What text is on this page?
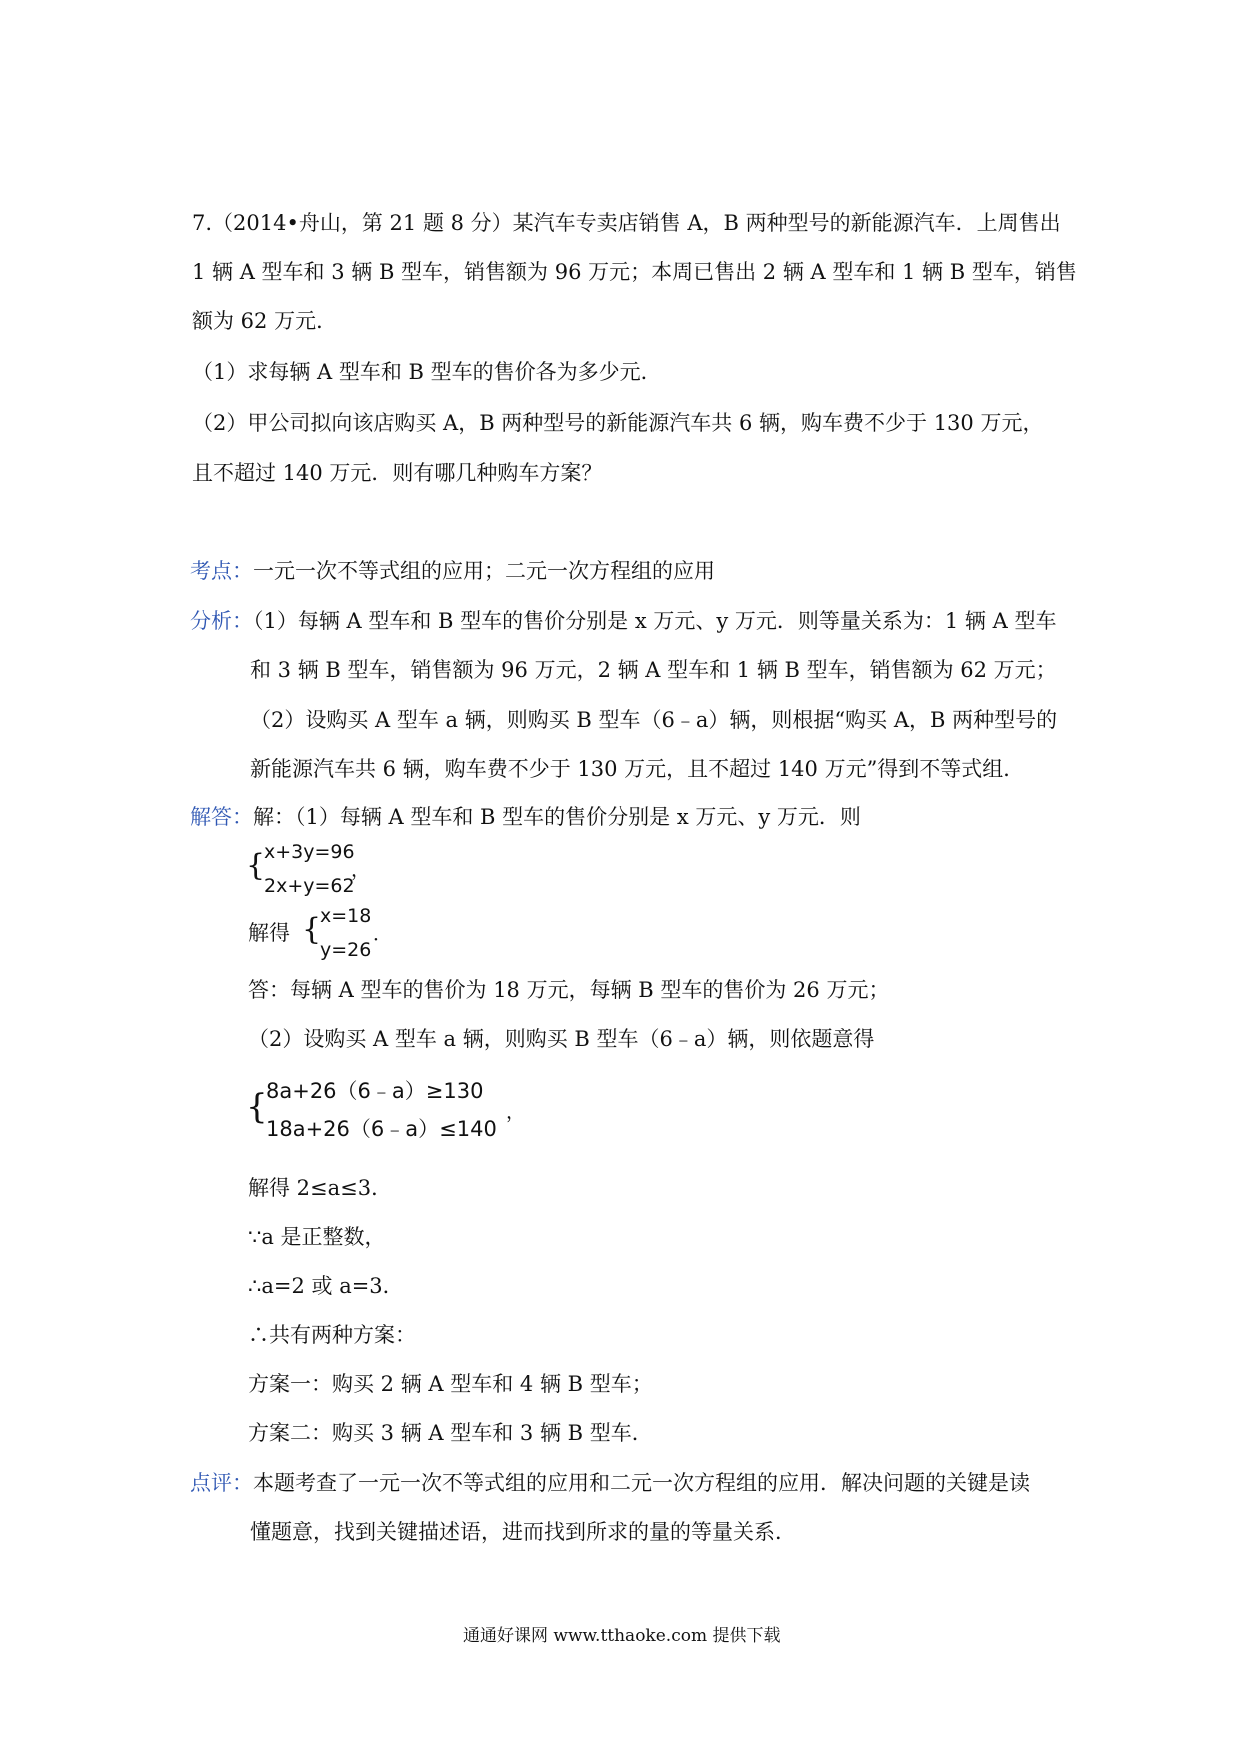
7.（2014•舟山，第 21 题 8 分）某汽车专卖店销售 A，B 两种型号的新能源汽车．上周售出
1 辆 A 型车和 3 辆 B 型车，销售额为 96 万元；本周已售出 2 辆 A 型车和 1 辆 B 型车，销售
额为 62 万元．
（1）求每辆 A 型车和 B 型车的售价各为多少元．
（2）甲公司拟向该店购买 A，B 两种型号的新能源汽车共 6 辆，购车费不少于 130 万元，
且不超过 140 万元．则有哪几种购车方案？
考点：一元一次不等式组的应用；二元一次方程组的应用
分析：（1）每辆 A 型车和 B 型车的售价分别是 x 万元、y 万元．则等量关系为：1 辆 A 型车
和 3 辆 B 型车，销售额为 96 万元，2 辆 A 型车和 1 辆 B 型车，销售额为 62 万元；
（2）设购买 A 型车 a 辆，则购买 B 型车（6﹣a）辆，则根据“购买 A，B 两种型号的
新能源汽车共 6 辆，购车费不少于 130 万元，且不超过 140 万元”得到不等式组．
解答：解：（1）每辆 A 型车和 B 型车的售价分别是 x 万元、y 万元．则
{
x+3y=96
2x+y=62
，
解得 {
x=18
y=26
．
答：每辆 A 型车的售价为 18 万元，每辆 B 型车的售价为 26 万元；
（2）设购买 A 型车 a 辆，则购买 B 型车（6﹣a）辆，则依题意得
{
8a+26（6﹣a）≥130
18a+26（6﹣a）≤140
，
解得 2≤a≤3．
∵a 是正整数，
∴a=2 或 a=3．
∴共有两种方案：
方案一：购买 2 辆 A 型车和 4 辆 B 型车；
方案二：购买 3 辆 A 型车和 3 辆 B 型车．
点评：本题考查了一元一次不等式组的应用和二元一次方程组的应用．解决问题的关键是读
懂题意，找到关键描述语，进而找到所求的量的等量关系．
通通好课网 www.tthaoke.com 提供下载
